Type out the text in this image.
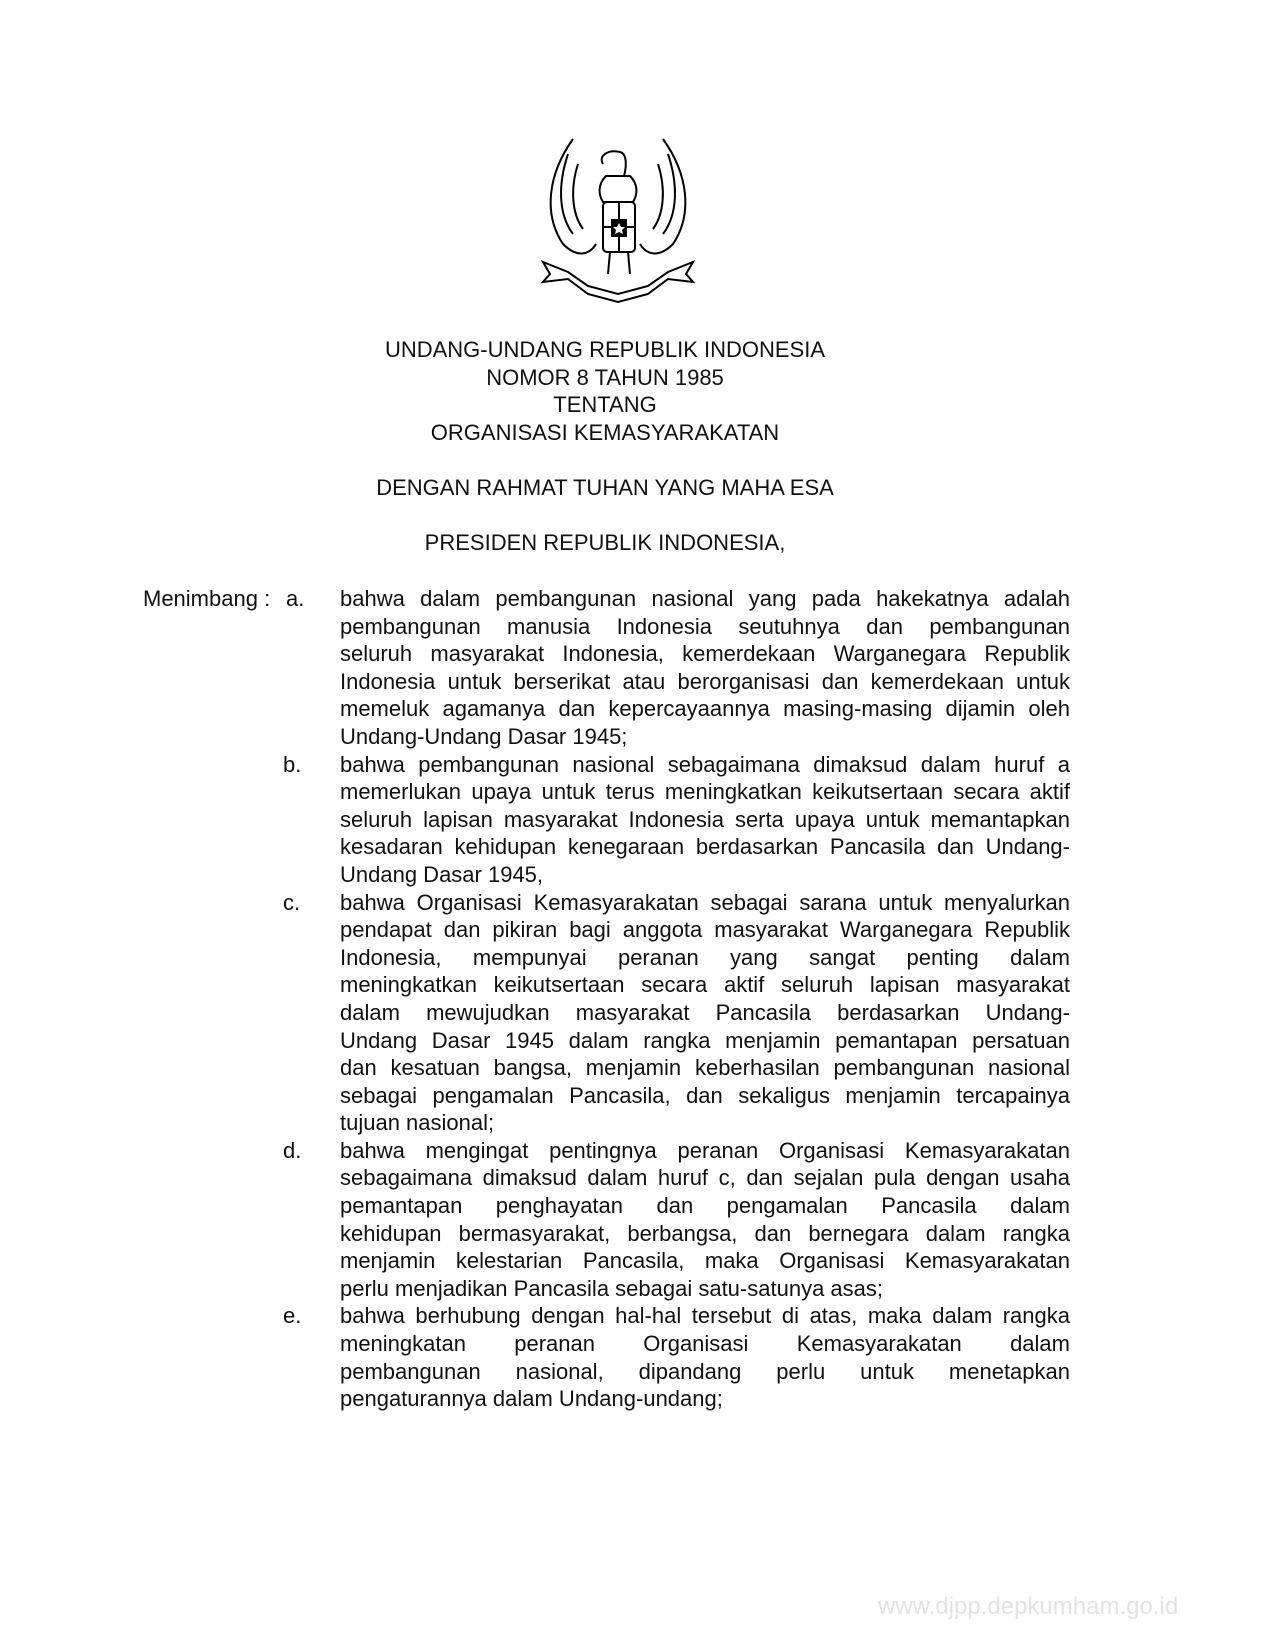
UNDANG-UNDANG REPUBLIK INDONESIA
NOMOR 8 TAHUN 1985
TENTANG
ORGANISASI KEMASYARAKATAN
DENGAN RAHMAT TUHAN YANG MAHA ESA
PRESIDEN REPUBLIK INDONESIA,
Menimbang : a. bahwa dalam pembangunan nasional yang pada hakekatnya adalah
pembangunan manusia Indonesia seutuhnya dan pembangunan
seluruh masyarakat Indonesia, kemerdekaan Warganegara Republik
Indonesia untuk berserikat atau berorganisasi dan kemerdekaan untuk
memeluk agamanya dan kepercayaannya masing-masing dijamin oleh
Undang-Undang Dasar 1945;
b. bahwa pembangunan nasional sebagaimana dimaksud dalam huruf a
memerlukan upaya untuk terus meningkatkan keikutsertaan secara aktif
seluruh lapisan masyarakat Indonesia serta upaya untuk memantapkan
kesadaran kehidupan kenegaraan berdasarkan Pancasila dan Undang-
Undang Dasar 1945,
c. bahwa Organisasi Kemasyarakatan sebagai sarana untuk menyalurkan
pendapat dan pikiran bagi anggota masyarakat Warganegara Republik
Indonesia, mempunyai peranan yang sangat penting dalam
meningkatkan keikutsertaan secara aktif seluruh lapisan masyarakat
dalam mewujudkan masyarakat Pancasila berdasarkan Undang-
Undang Dasar 1945 dalam rangka menjamin pemantapan persatuan
dan kesatuan bangsa, menjamin keberhasilan pembangunan nasional
sebagai pengamalan Pancasila, dan sekaligus menjamin tercapainya
tujuan nasional;
d. bahwa mengingat pentingnya peranan Organisasi Kemasyarakatan
sebagaimana dimaksud dalam huruf c, dan sejalan pula dengan usaha
pemantapan penghayatan dan pengamalan Pancasila dalam
kehidupan bermasyarakat, berbangsa, dan bernegara dalam rangka
menjamin kelestarian Pancasila, maka Organisasi Kemasyarakatan
perlu menjadikan Pancasila sebagai satu-satunya asas;
e. bahwa berhubung dengan hal-hal tersebut di atas, maka dalam rangka
meningkatan peranan Organisasi Kemasyarakatan dalam
pembangunan nasional, dipandang perlu untuk menetapkan
pengaturannya dalam Undang-undang;
www.djpp.depkumham.go.id
